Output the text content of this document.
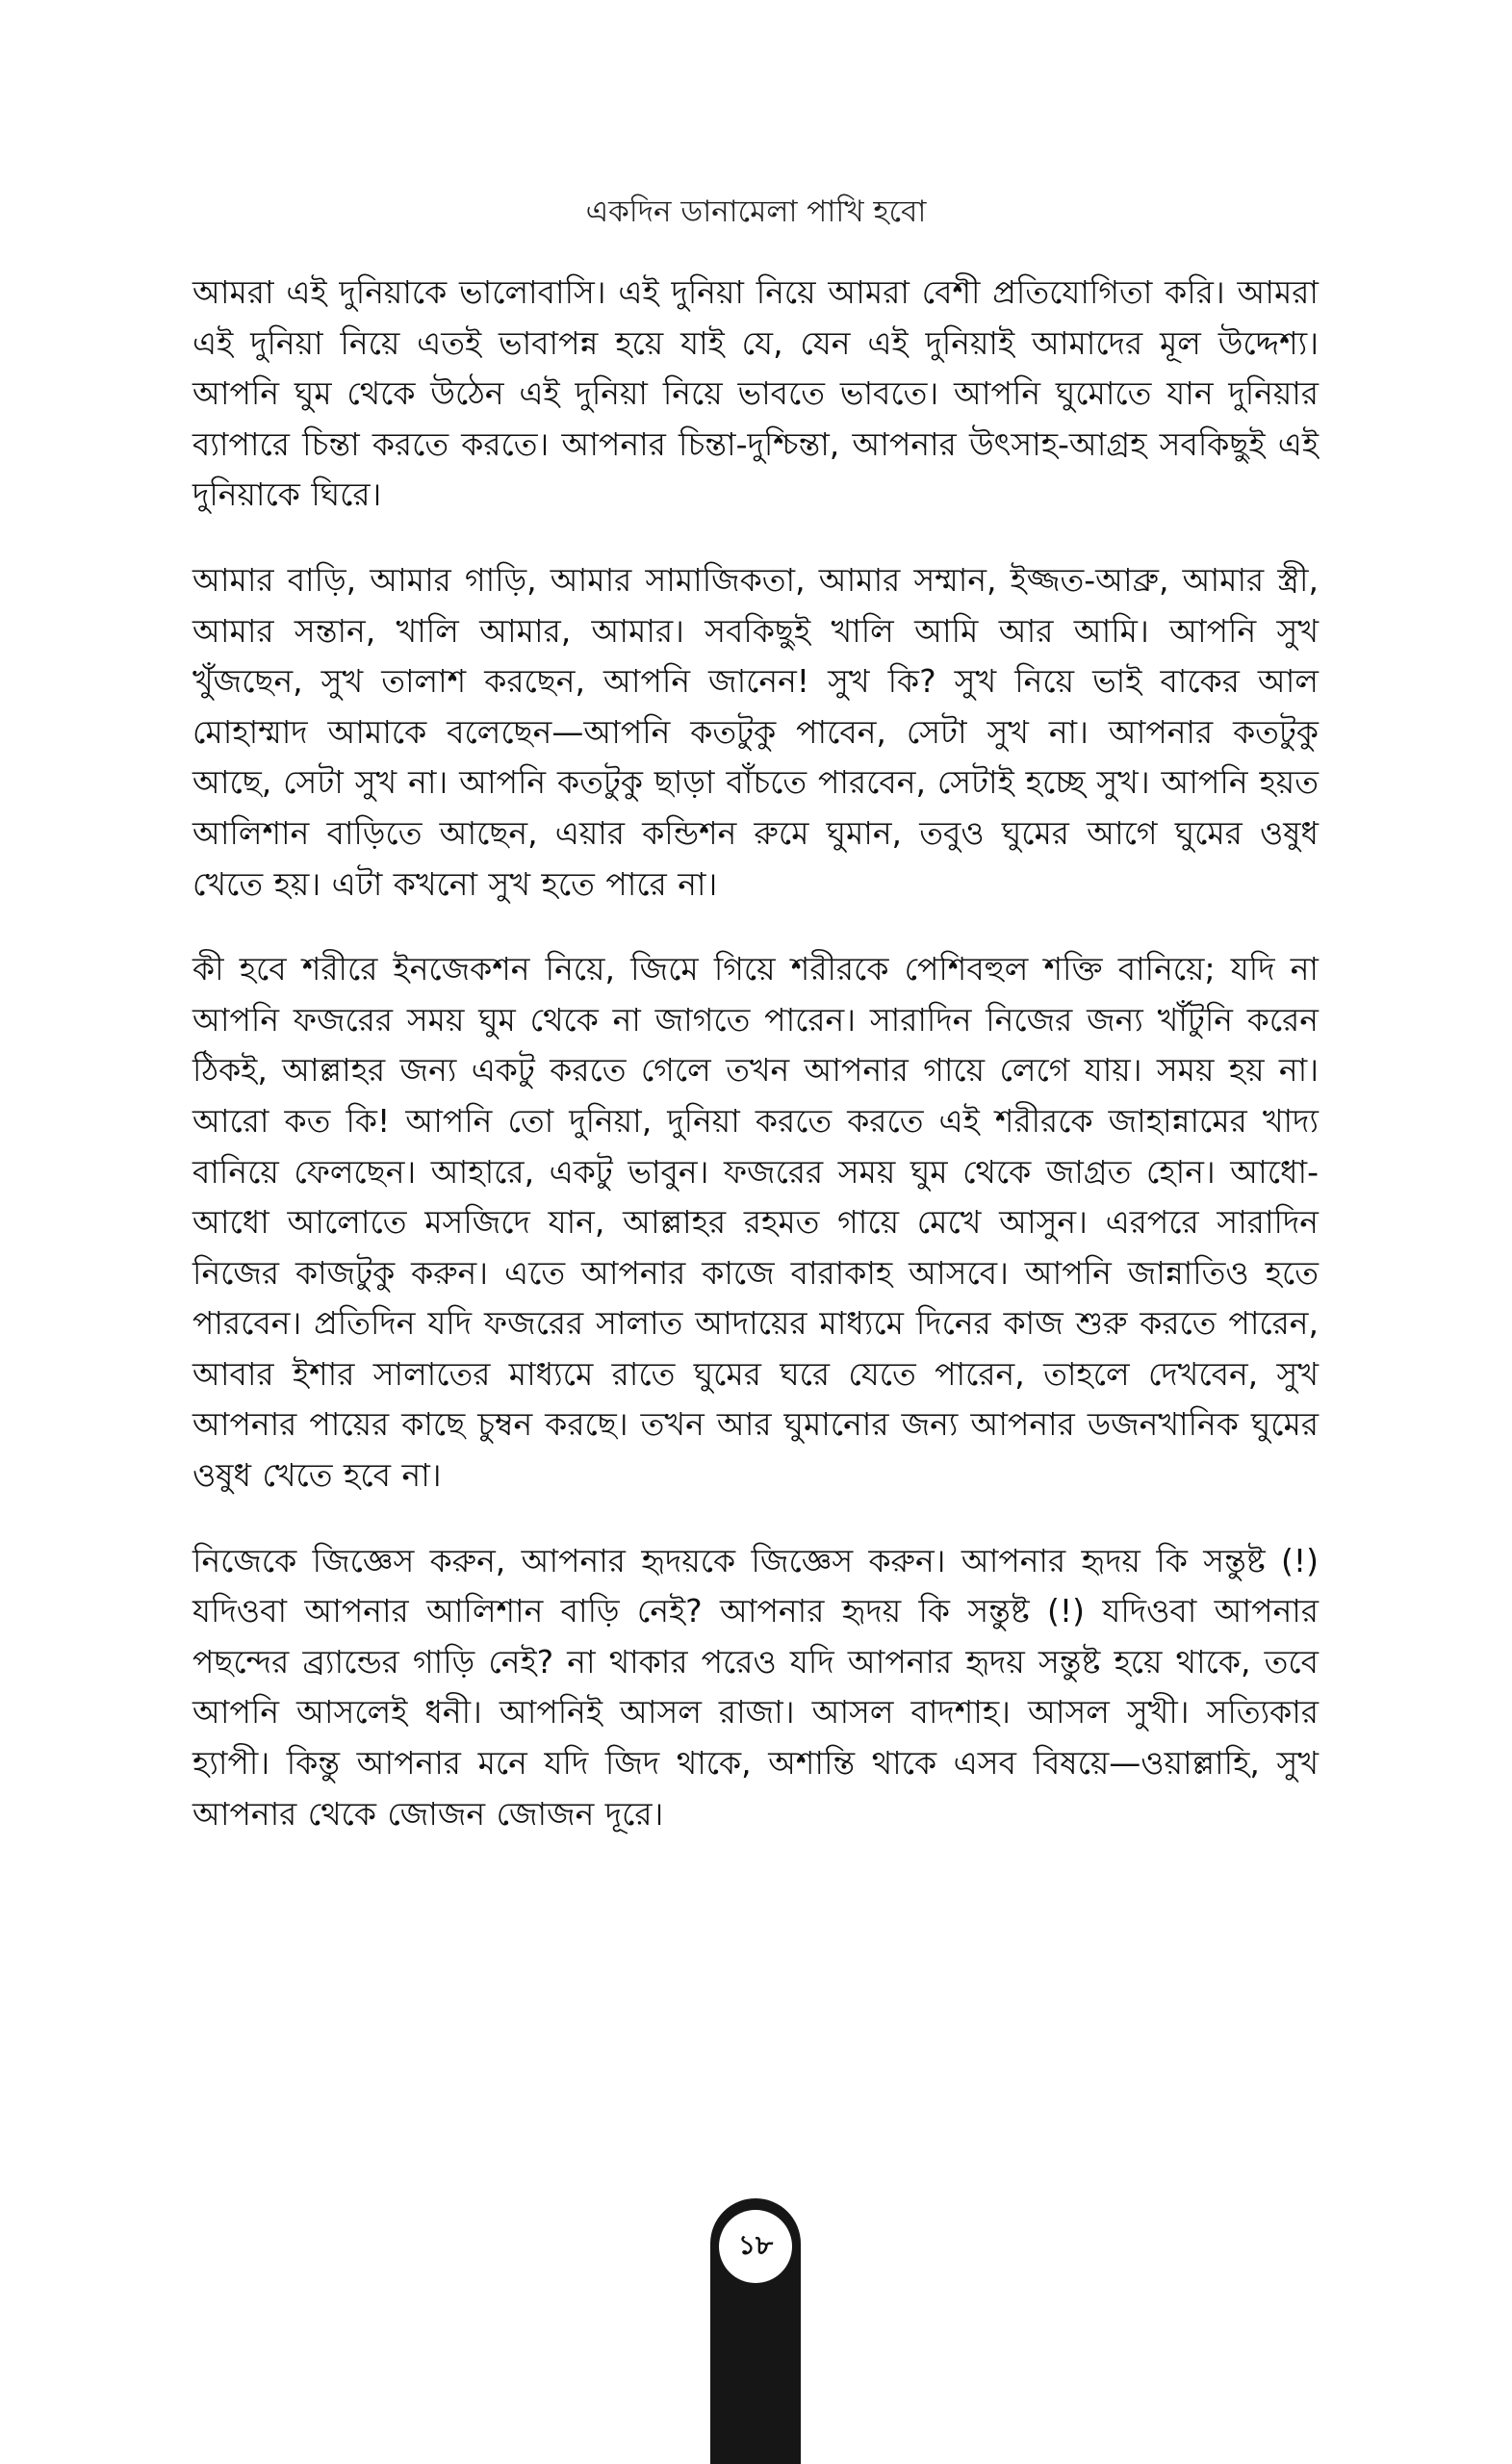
একদিন ডানামেলা পাখি হবো

আমরা এই দুনিয়াকে ভালোবাসি। এই দুনিয়া নিয়ে আমরা বেশী প্রতিযোগিতা করি। আমরা এই দুনিয়া নিয়ে এতই ভাবাপন্ন হয়ে যাই যে, যেন এই দুনিয়াই আমাদের মূল উদ্দেশ্য। আপনি ঘুম থেকে উঠেন এই দুনিয়া নিয়ে ভাবতে ভাবতে। আপনি ঘুমোতে যান দুনিয়ার ব্যাপারে চিন্তা করতে করতে। আপনার চিন্তা-দুশ্চিন্তা, আপনার উৎসাহ-আগ্রহ সবকিছুই এই দুনিয়াকে ঘিরে।

আমার বাড়ি, আমার গাড়ি, আমার সামাজিকতা, আমার সম্মান, ইজ্জত-আব্রু, আমার স্ত্রী, আমার সন্তান, খালি আমার, আমার। সবকিছুই খালি আমি আর আমি। আপনি সুখ খুঁজছেন, সুখ তালাশ করছেন, আপনি জানেন! সুখ কি? সুখ নিয়ে ভাই বাকের আল মোহাম্মাদ আমাকে বলেছেন—আপনি কতটুকু পাবেন, সেটা সুখ না। আপনার কতটুকু আছে, সেটা সুখ না। আপনি কতটুকু ছাড়া বাঁচতে পারবেন, সেটাই হচ্ছে সুখ। আপনি হয়ত আলিশান বাড়িতে আছেন, এয়ার কন্ডিশন রুমে ঘুমান, তবুও ঘুমের আগে ঘুমের ওষুধ খেতে হয়। এটা কখনো সুখ হতে পারে না।

কী হবে শরীরে ইনজেকশন নিয়ে, জিমে গিয়ে শরীরকে পেশিবহুল শক্তি বানিয়ে; যদি না আপনি ফজরের সময় ঘুম থেকে না জাগতে পারেন। সারাদিন নিজের জন্য খাঁটুনি করেন ঠিকই, আল্লাহর জন্য একটু করতে গেলে তখন আপনার গায়ে লেগে যায়। সময় হয় না। আরো কত কি! আপনি তো দুনিয়া, দুনিয়া করতে করতে এই শরীরকে জাহান্নামের খাদ্য বানিয়ে ফেলছেন। আহারে, একটু ভাবুন। ফজরের সময় ঘুম থেকে জাগ্রত হোন। আধো-আধো আলোতে মসজিদে যান, আল্লাহর রহমত গায়ে মেখে আসুন। এরপরে সারাদিন নিজের কাজটুকু করুন। এতে আপনার কাজে বারাকাহ আসবে। আপনি জান্নাতিও হতে পারবেন। প্রতিদিন যদি ফজরের সালাত আদায়ের মাধ্যমে দিনের কাজ শুরু করতে পারেন, আবার ইশার সালাতের মাধ্যমে রাতে ঘুমের ঘরে যেতে পারেন, তাহলে দেখবেন, সুখ আপনার পায়ের কাছে চুম্বন করছে। তখন আর ঘুমানোর জন্য আপনার ডজনখানিক ঘুমের ওষুধ খেতে হবে না।

নিজেকে জিজ্ঞেস করুন, আপনার হৃদয়কে জিজ্ঞেস করুন। আপনার হৃদয় কি সন্তুষ্ট (!) যদিওবা আপনার আলিশান বাড়ি নেই? আপনার হৃদয় কি সন্তুষ্ট (!) যদিওবা আপনার পছন্দের ব্র্যান্ডের গাড়ি নেই? না থাকার পরেও যদি আপনার হৃদয় সন্তুষ্ট হয়ে থাকে, তবে আপনি আসলেই ধনী। আপনিই আসল রাজা। আসল বাদশাহ। আসল সুখী। সত্যিকার হ্যাপী। কিন্তু আপনার মনে যদি জিদ থাকে, অশান্তি থাকে এসব বিষয়ে—ওয়াল্লাহি, সুখ আপনার থেকে জোজন জোজন দূরে।

১৮
